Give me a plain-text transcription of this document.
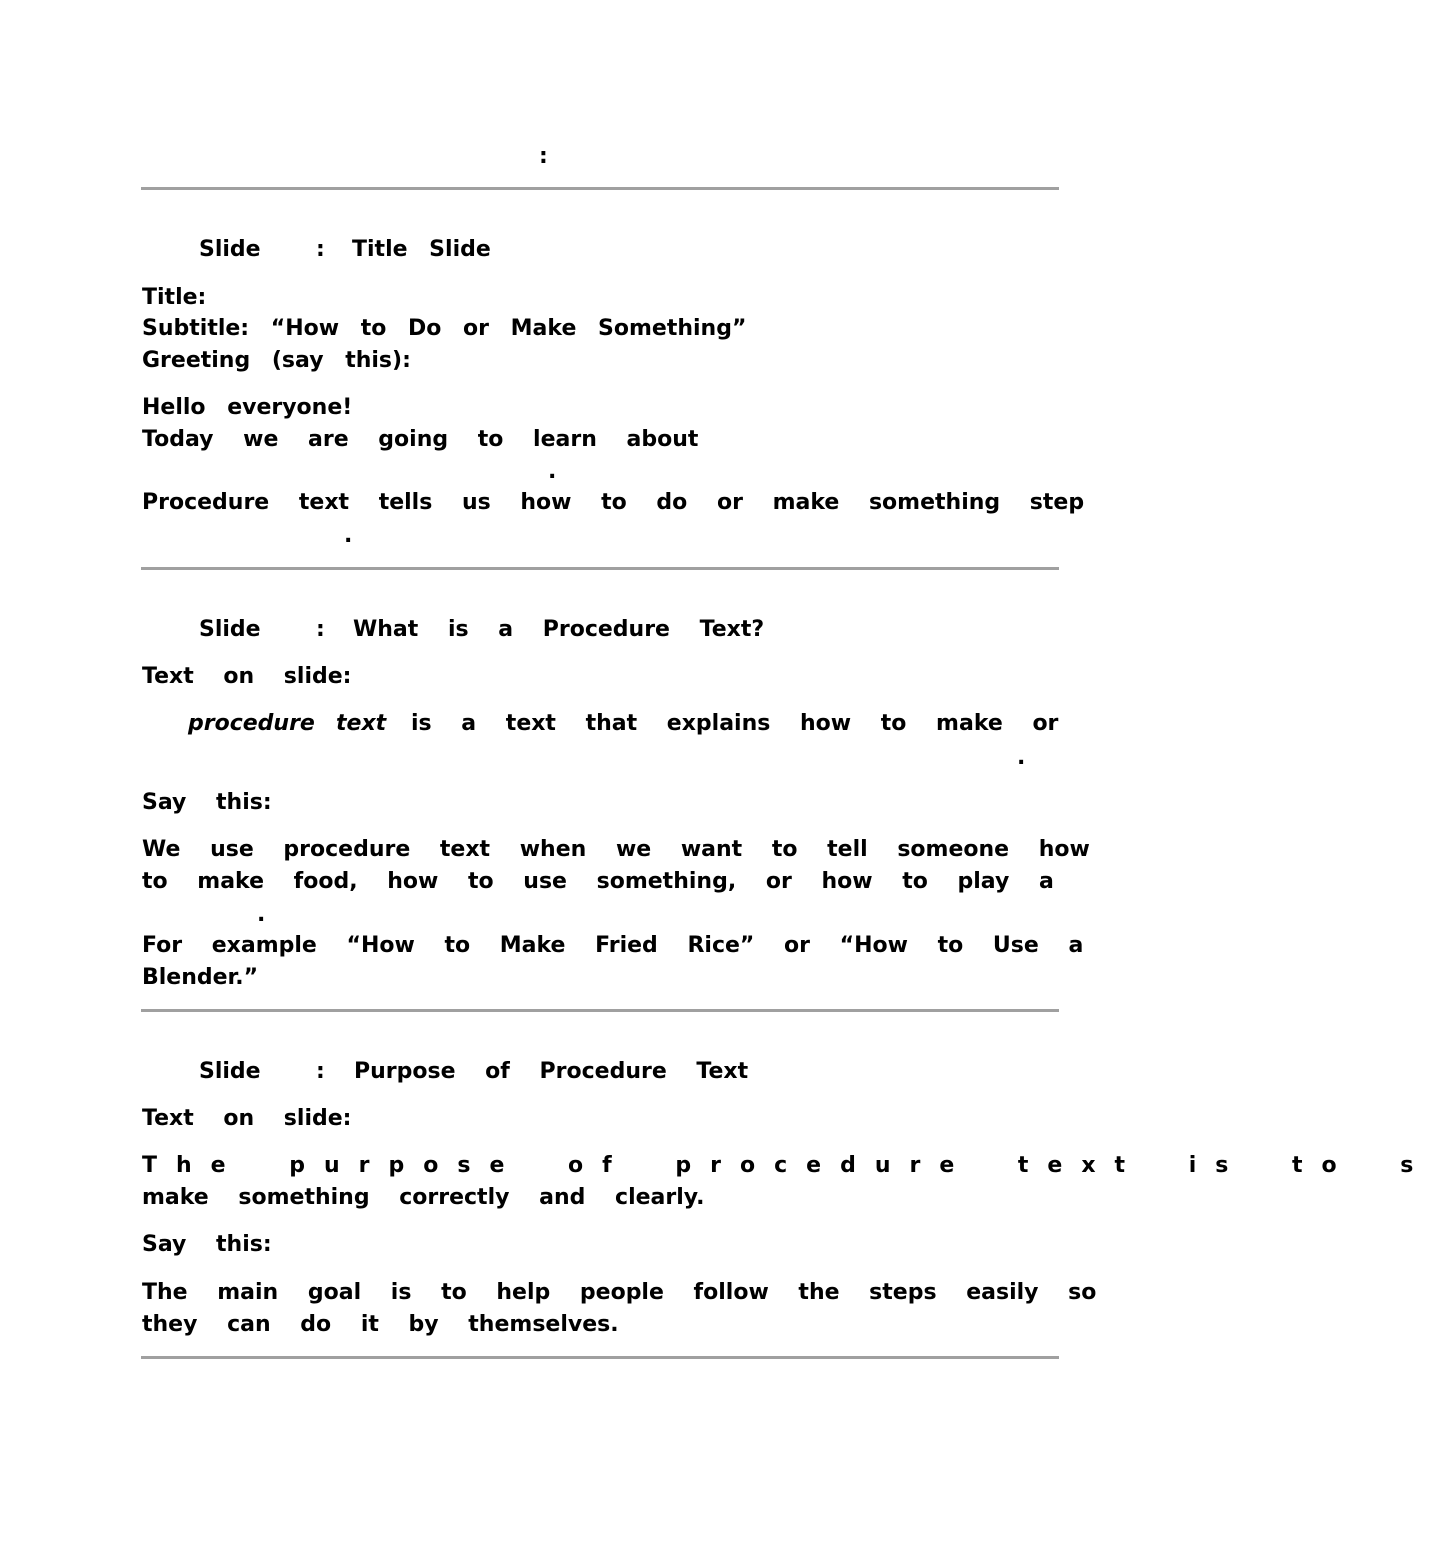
:
Slide	: Title Slide
Title:
Subtitle: “How to Do or Make Something”
Greeting (say this):
Hello everyone!
Today we are going to learn about
.
Procedure text tells us how to do or make something step
.
Slide	: What is a Procedure Text?
Text on slide:
procedure text is a text that explains how to make or
.
Say this:
We use procedure text when we want to tell someone how
to make food, how to use something, or how to play a
.
For example “How to Make Fried Rice” or “How to Use a
Blender.”
Slide	: Purpose of Procedure Text
Text on slide:
The purpose of procedure text is to s
make something correctly and clearly.
Say this:
The main goal is to help people follow the steps easily so
they can do it by themselves.
